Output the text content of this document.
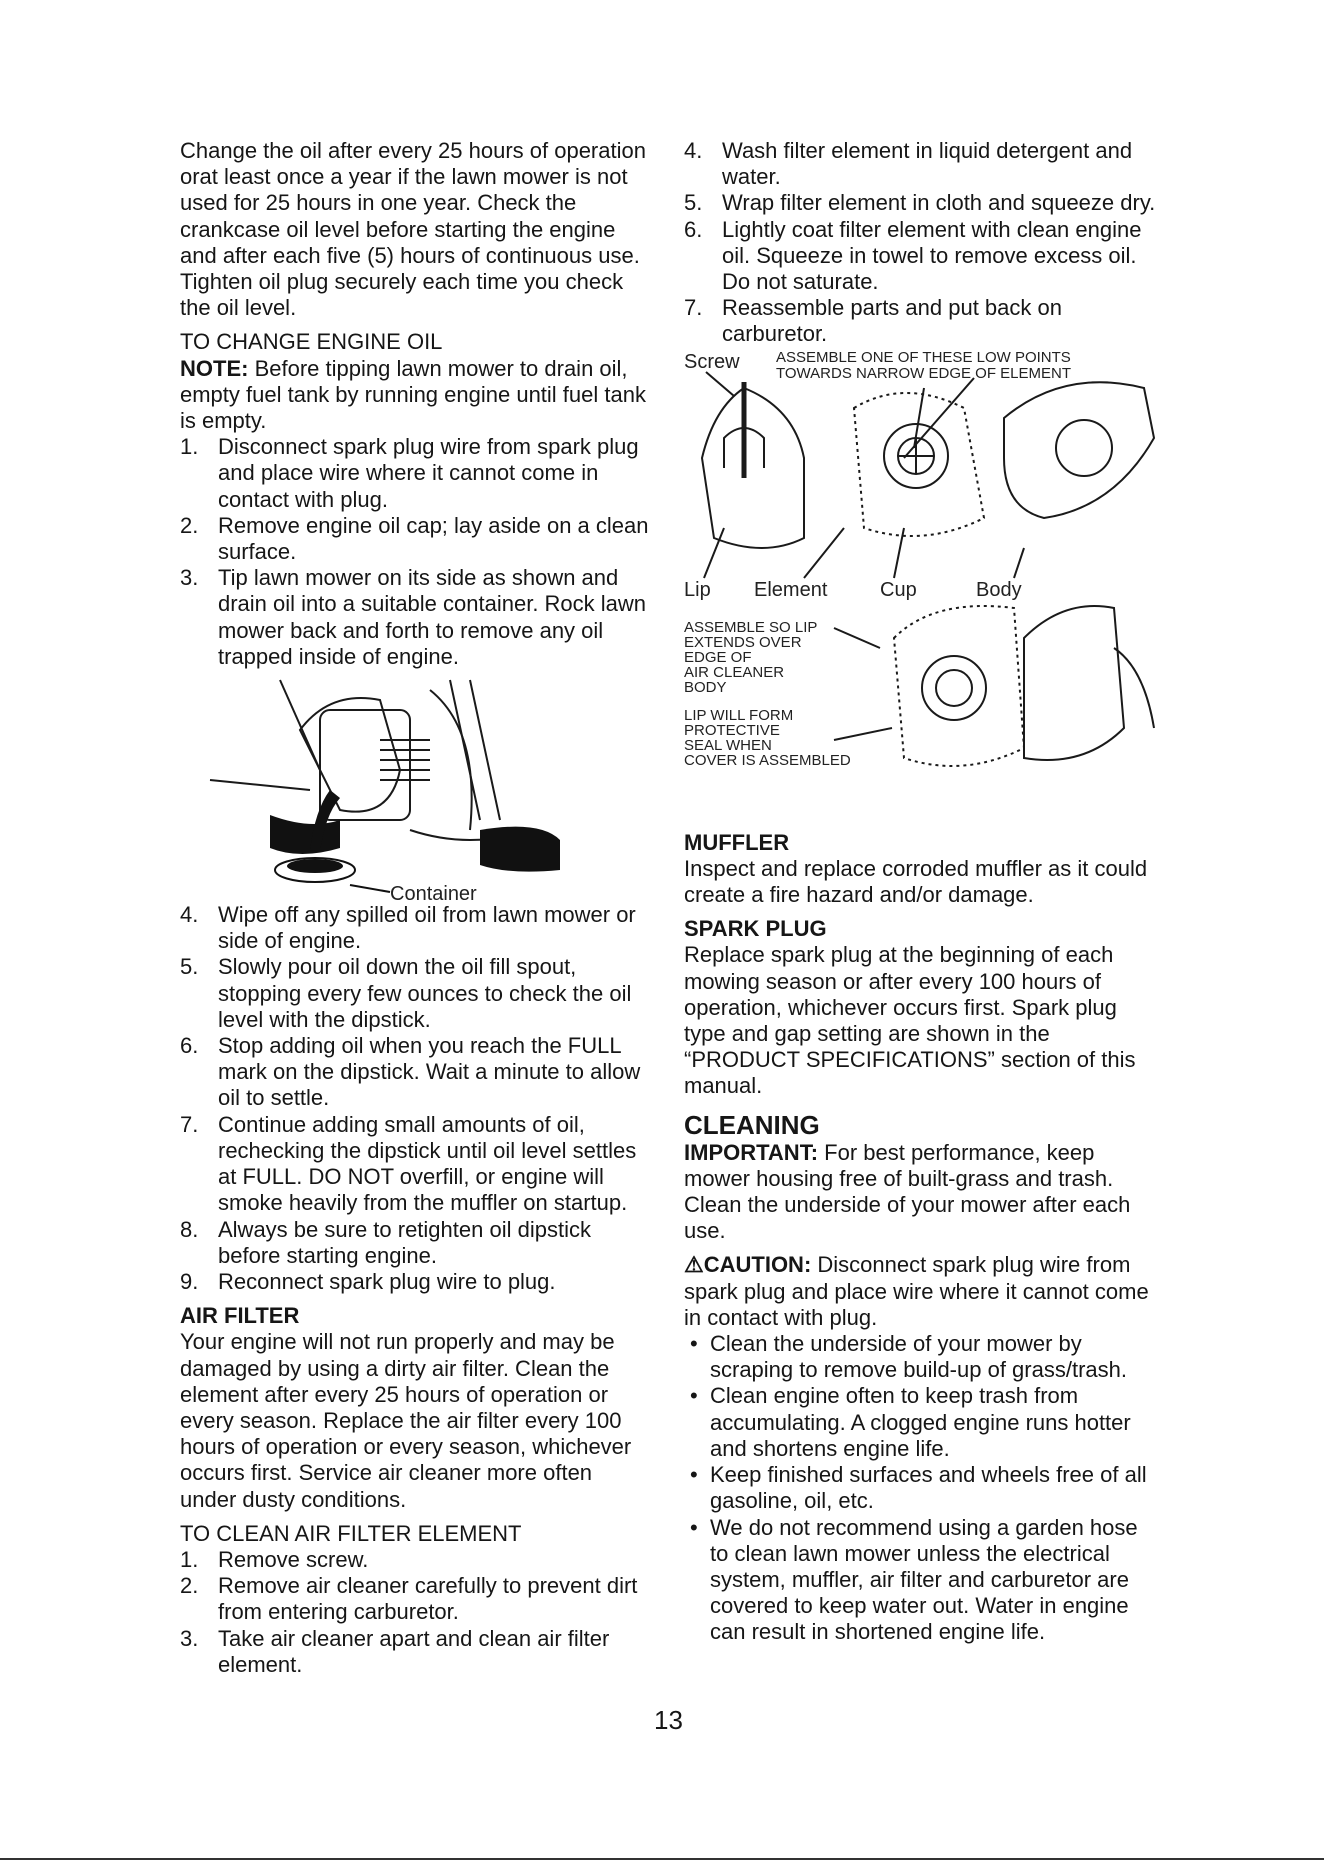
Change the oil after every 25 hours of operation orat least once a year if the lawn mower is not used for 25 hours in one year. Check the crankcase oil level before starting the engine and after each five (5) hours of continuous use. Tighten oil plug securely each time you check the oil level.

TO CHANGE ENGINE OIL

NOTE: Before tipping lawn mower to drain oil, empty fuel tank by running engine until fuel tank is empty.

1. Disconnect spark plug wire from spark plug and place wire where it cannot come in contact with plug.
2. Remove engine oil cap; lay aside on a clean surface.
3. Tip lawn mower on its side as shown and drain oil into a suitable container. Rock lawn mower back and forth to remove any oil trapped inside of engine.
Container
4. Wipe off any spilled oil from lawn mower or side of engine.
5. Slowly pour oil down the oil fill spout, stopping every few ounces to check the oil level with the dipstick.
6. Stop adding oil when you reach the FULL mark on the dipstick. Wait a minute to allow oil to settle.
7. Continue adding small amounts of oil, rechecking the dipstick until oil level settles at FULL. DO NOT overfill, or engine will smoke heavily from the muffler on startup.
8. Always be sure to retighten oil dipstick before starting engine.
9. Reconnect spark plug wire to plug.

AIR FILTER

Your engine will not run properly and may be damaged by using a dirty air filter. Clean the element after every 25 hours of operation or every season. Replace the air filter every 100 hours of operation or every season, whichever occurs first. Service air cleaner more often under dusty conditions.

TO CLEAN AIR FILTER ELEMENT

1. Remove screw.
2. Remove air cleaner carefully to prevent dirt from entering carburetor.
3. Take air cleaner apart and clean air filter element.
4. Wash filter element in liquid detergent and water.
5. Wrap filter element in cloth and squeeze dry.
6. Lightly coat filter element with clean engine oil. Squeeze in towel to remove excess oil. Do not saturate.
7. Reassemble parts and put back on carburetor.
Screw ASSEMBLE ONE OF THESE LOW POINTS
TOWARDS NARROW EDGE OF ELEMENT
Lip Element	Cup	Body
ASSEMBLE SO LIP
EXTENDS OVER
EDGE OF
AIR CLEANER
BODY
LIP WILL FORM
PROTECTIVE
SEAL WHEN
COVER IS ASSEMBLED

MUFFLER

Inspect and replace corroded muffler as it could create a fire hazard and/or damage.

SPARK PLUG

Replace spark plug at the beginning of each mowing season or after every 100 hours of operation, whichever occurs first. Spark plug type and gap setting are shown in the “PRODUCT SPECIFICATIONS” section of this manual.

CLEANING

IMPORTANT: For best performance, keep mower housing free of built-grass and trash. Clean the underside of your mower after each use.

⚠CAUTION: Disconnect spark plug wire from spark plug and place wire where it cannot come in contact with plug.

• Clean the underside of your mower by scraping to remove build-up of grass/trash.
• Clean engine often to keep trash from accumulating. A clogged engine runs hotter and shortens engine life.
• Keep finished surfaces and wheels free of all gasoline, oil, etc.
• We do not recommend using a garden hose to clean lawn mower unless the electrical system, muffler, air filter and carburetor are covered to keep water out. Water in engine can result in shortened engine life.
13
